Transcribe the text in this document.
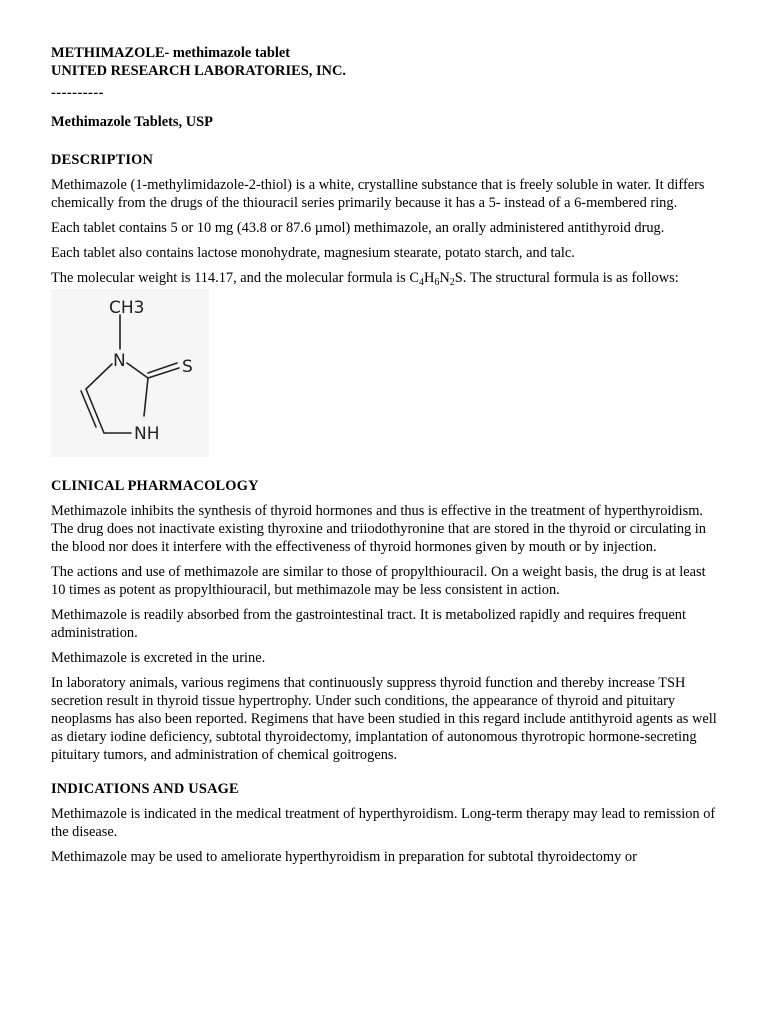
METHIMAZOLE- methimazole tablet

UNITED RESEARCH LABORATORIES, INC.

----------

Methimazole Tablets, USP

DESCRIPTION

Methimazole (1-methylimidazole-2-thiol) is a white, crystalline substance that is freely soluble in water. It differs chemically from the drugs of the thiouracil series primarily because it has a 5- instead of a 6-membered ring.

Each tablet contains 5 or 10 mg (43.8 or 87.6 µmol) methimazole, an orally administered antithyroid drug.

Each tablet also contains lactose monohydrate, magnesium stearate, potato starch, and talc.

The molecular weight is 114.17, and the molecular formula is $C_4H_6N_2S$. The structural formula is as follows:

CH3
N	S
NH
CLINICAL PHARMACOLOGY

Methimazole inhibits the synthesis of thyroid hormones and thus is effective in the treatment of hyperthyroidism. The drug does not inactivate existing thyroxine and triiodothyronine that are stored in the thyroid or circulating in the blood nor does it interfere with the effectiveness of thyroid hormones given by mouth or by injection.

The actions and use of methimazole are similar to those of propylthiouracil. On a weight basis, the drug is at least 10 times as potent as propylthiouracil, but methimazole may be less consistent in action.

Methimazole is readily absorbed from the gastrointestinal tract. It is metabolized rapidly and requires frequent administration.

Methimazole is excreted in the urine.

In laboratory animals, various regimens that continuously suppress thyroid function and thereby increase TSH secretion result in thyroid tissue hypertrophy. Under such conditions, the appearance of thyroid and pituitary neoplasms has also been reported. Regimens that have been studied in this regard include antithyroid agents as well as dietary iodine deficiency, subtotal thyroidectomy, implantation of autonomous thyrotropic hormone-secreting pituitary tumors, and administration of chemical goitrogens.

INDICATIONS AND USAGE

Methimazole is indicated in the medical treatment of hyperthyroidism. Long-term therapy may lead to remission of the disease.

Methimazole may be used to ameliorate hyperthyroidism in preparation for subtotal thyroidectomy or
